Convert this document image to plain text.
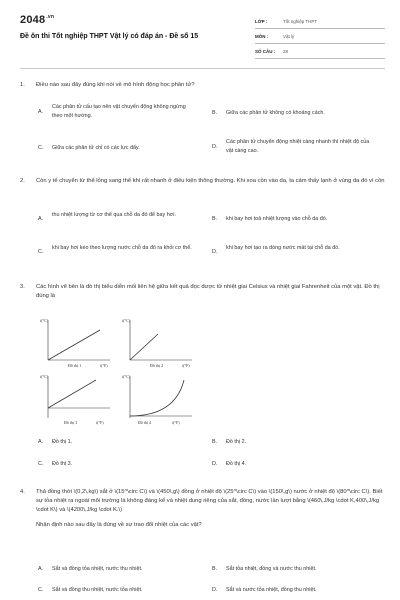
$2048^{.vn}$
Đề ôn thi Tốt nghiệp THPT Vật lý có đáp án - Đề số 15
LỚP :	Tốt nghiệp THPT
MÔN :	Vật lý
SỐ CÂU :	28
1.	Điều nào sau đây đúng khi nói về mô hình động học phân tử?
A.
Các phân tử cấu tạo nên vật chuyển động không ngừng theo một hướng.	B. Giữa các phân tử không có khoảng cách.
C. Giữa các phân tử chỉ có các lực đẩy.	D.
Các phân tử chuyển động nhiệt càng nhanh thì nhiệt độ của vật càng cao.
2.	Còn y tế chuyển từ thể lỏng sang thể khí rất nhanh ở điều kiện thông thường. Khi xoa cồn vào da, ta cảm thấy lạnh ở vùng da đó vì cồn
A.
thu nhiệt lượng từ cơ thể qua chỗ da đó để bay hơi.
B. khi bay hơi toả nhiệt lượng vào chỗ da đó.
C.
khi bay hơi kéo theo lượng nước chỗ da đó ra khỏi cơ thể.
D.
khi bay hơi tạo ra dòng nước mát tại chỗ da đó.
3.	Các hình vẽ bên là đồ thị biểu diễn mối liên hệ giữa kết quả đọc được từ nhiệt giai Celsius và nhiệt giai Fahrenheit của một vật. Đồ thị đúng là
t(°C)
Đồ thị 1	t(°F)
t(°C)
Đồ thị 2	t(°F)
t(°C)
Đồ thị 3	t(°F)
t(°C)
Đồ thị 4	t(°F)
A. Đồ thị 1.	B. Đồ thị 2.
C. Đồ thị 3.	D. Đồ thị 4.
4.	Thả đồng thời \(0,2\,kg\) sắt ở \(15^\circ C\) và \(450\,g\) đồng ở nhiệt độ \(25^\circ C\) vào \(150\,g\) nước ở nhiệt độ \(80^\circ C\). Biết sự tỏa nhiệt ra ngoài môi trường là không đáng kể và nhiệt dung riêng của sắt, đồng, nước lần lượt bằng \(460\,J/kg \cdot K,400\,J/kg \cdot K\) và \(4200\,J/kg \cdot K.\)
Nhận định nào sau đây là đúng về sự trao đổi nhiệt của các vật?
A. Sắt và đồng tỏa nhiệt, nước thu nhiệt.	B. Sắt tỏa nhiệt, đồng và nước thu nhiệt.
C. Sắt và đồng thu nhiệt, nước tỏa nhiệt.	D. Sắt và nước tỏa nhiệt, đồng thu nhiệt.
